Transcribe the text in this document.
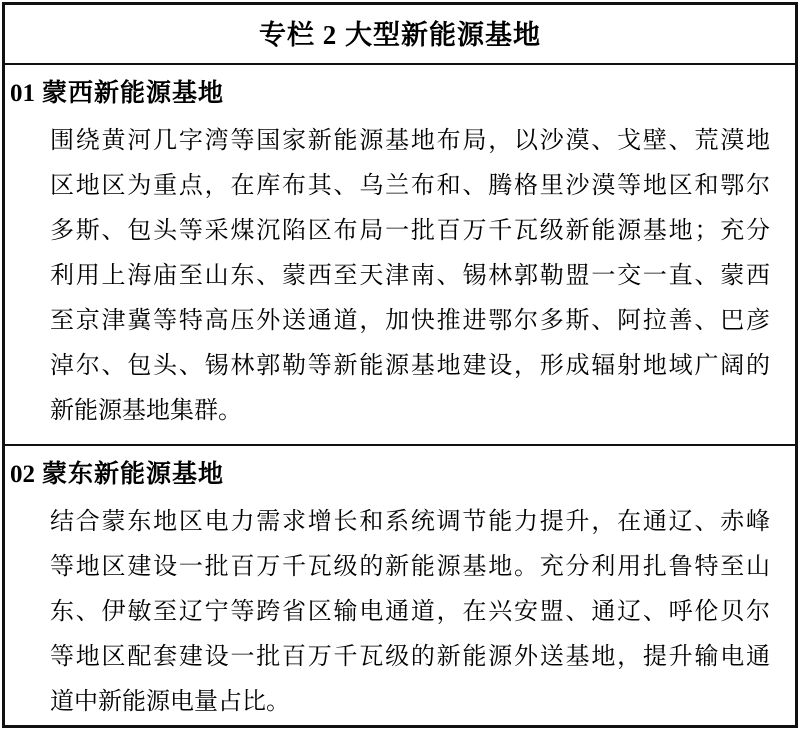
专栏 2 大型新能源基地
01 蒙西新能源基地
围绕黄河几字湾等国家新能源基地布局，以沙漠、戈壁、荒漠地
区地区为重点，在库布其、乌兰布和、腾格里沙漠等地区和鄂尔
多斯、包头等采煤沉陷区布局一批百万千瓦级新能源基地；充分
利用上海庙至山东、蒙西至天津南、锡林郭勒盟一交一直、蒙西
至京津冀等特高压外送通道，加快推进鄂尔多斯、阿拉善、巴彦
淖尔、包头、锡林郭勒等新能源基地建设，形成辐射地域广阔的
新能源基地集群。
02 蒙东新能源基地
结合蒙东地区电力需求增长和系统调节能力提升，在通辽、赤峰
等地区建设一批百万千瓦级的新能源基地。充分利用扎鲁特至山
东、伊敏至辽宁等跨省区输电通道，在兴安盟、通辽、呼伦贝尔
等地区配套建设一批百万千瓦级的新能源外送基地，提升输电通
道中新能源电量占比。
